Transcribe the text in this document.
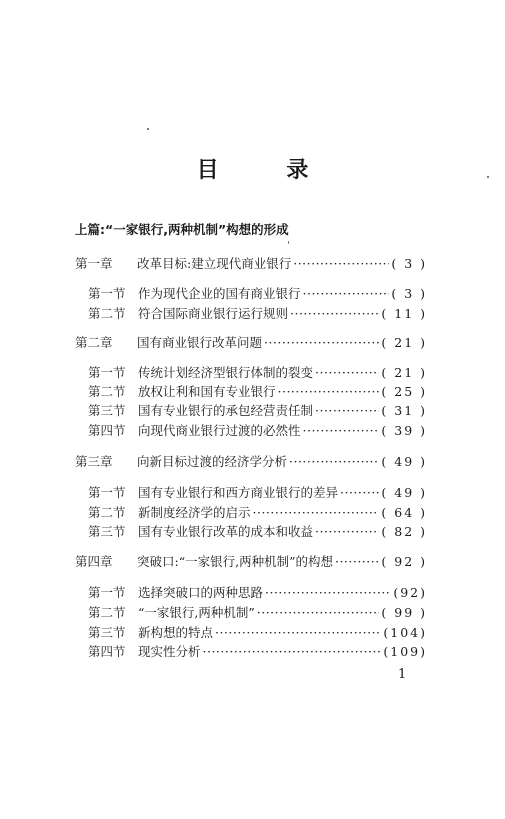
目 录
上篇:“一家银行,两种机制”构想的形成
第一章 改革目标:建立现代商业银行 ·····	( 3 )
第一节 作为现代企业的国有商业银行 ·····	( 3 )
第二节 符合国际商业银行运行规则 ·····	( 11 )
第二章 国有商业银行改革问题 ·····	( 21 )
第一节 传统计划经济型银行体制的裂变 ·····	( 21 )
第二节 放权让利和国有专业银行 ·····	( 25 )
第三节 国有专业银行的承包经营责任制 ·····	( 31 )
第四节 向现代商业银行过渡的必然性 ·····	( 39 )
第三章 向新目标过渡的经济学分析 ·····	( 49 )
第一节 国有专业银行和西方商业银行的差异 ·····	( 49 )
第二节 新制度经济学的启示 ·····	( 64 )
第三节 国有专业银行改革的成本和收益 ·····	( 82 )
第四章 突破口:“一家银行,两种机制”的构想 ·····	( 92 )
第一节 选择突破口的两种思路 ·····	(92)
第二节 “一家银行,两种机制” ·····	( 99 )
第三节 新构想的特点 ·····	(104)
第四节 现实性分析 ·····	(109)
1
